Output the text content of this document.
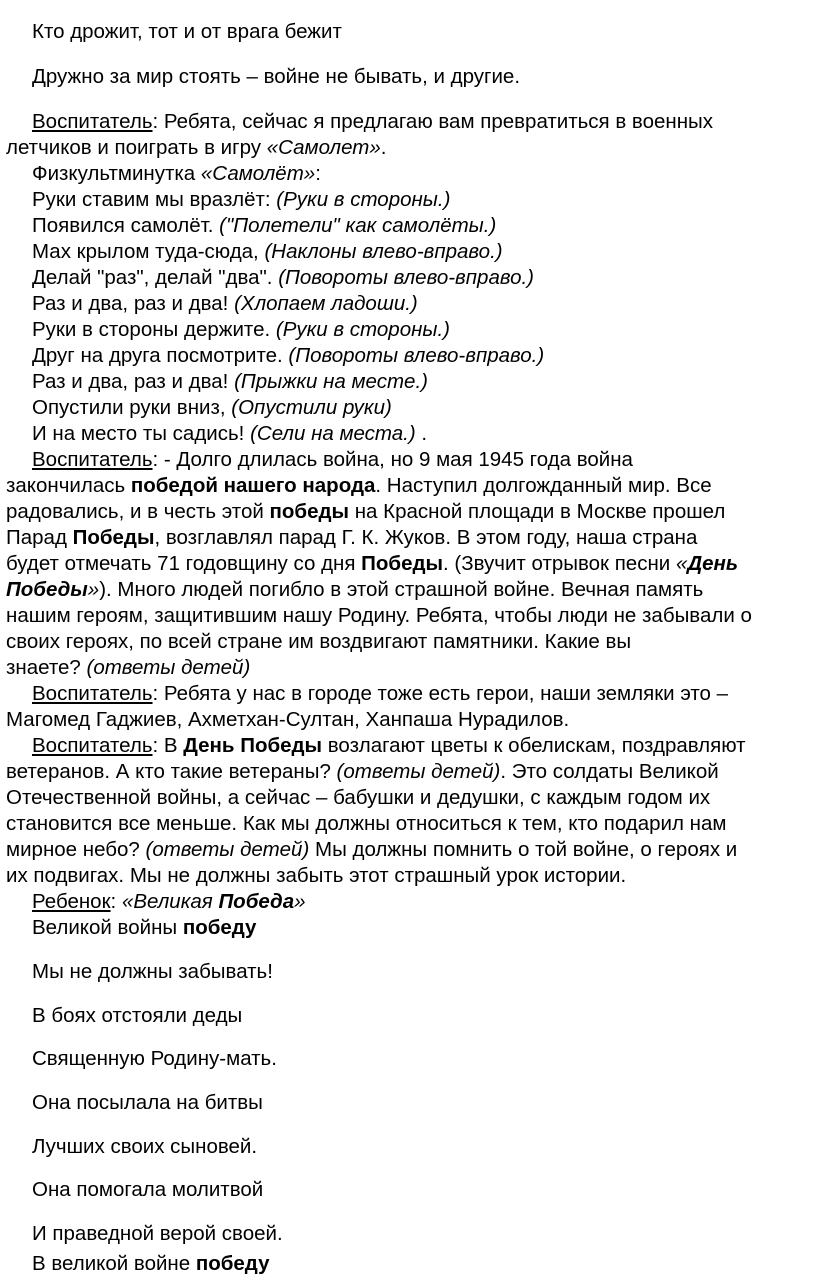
Кто дрожит, тот и от врага бежит
Дружно за мир стоять – войне не бывать, и другие.
Воспитатель: Ребята, сейчас я предлагаю вам превратиться в военных
летчиков и поиграть в игру «Самолет».
Физкультминутка «Самолёт»:
Руки ставим мы вразлёт: (Руки в стороны.)
Появился самолёт. ("Полетели" как самолёты.)
Мах крылом туда-сюда, (Наклоны влево-вправо.)
Делай "раз", делай "два". (Повороты влево-вправо.)
Раз и два, раз и два! (Хлопаем ладоши.)
Руки в стороны держите. (Руки в стороны.)
Друг на друга посмотрите. (Повороты влево-вправо.)
Раз и два, раз и два! (Прыжки на месте.)
Опустили руки вниз, (Опустили руки)
И на место ты садись! (Сели на места.) .
Воспитатель: - Долго длилась война, но 9 мая 1945 года война
закончилась победой нашего народа. Наступил долгожданный мир. Все
радовались, и в честь этой победы на Красной площади в Москве прошел
Парад Победы, возглавлял парад Г. К. Жуков. В этом году, наша страна
будет отмечать 71 годовщину со дня Победы. (Звучит отрывок песни «День
Победы»). Много людей погибло в этой страшной войне. Вечная память
нашим героям, защитившим нашу Родину. Ребята, чтобы люди не забывали о
своих героях, по всей стране им воздвигают памятники. Какие вы
знаете? (ответы детей)
Воспитатель: Ребята у нас в городе тоже есть герои, наши земляки это –
Магомед Гаджиев, Ахметхан-Султан, Ханпаша Нурадилов.
Воспитатель: В День Победы возлагают цветы к обелискам, поздравляют
ветеранов. А кто такие ветераны? (ответы детей). Это солдаты Великой
Отечественной войны, а сейчас – бабушки и дедушки, с каждым годом их
становится все меньше. Как мы должны относиться к тем, кто подарил нам
мирное небо? (ответы детей) Мы должны помнить о той войне, о героях и
их подвигах. Мы не должны забыть этот страшный урок истории.
Ребенок: «Великая Победа»
Великой войны победу
Мы не должны забывать!
В боях отстояли деды
Священную Родину-мать.
Она посылала на битвы
Лучших своих сыновей.
Она помогала молитвой
И праведной верой своей.
В великой войне победу
